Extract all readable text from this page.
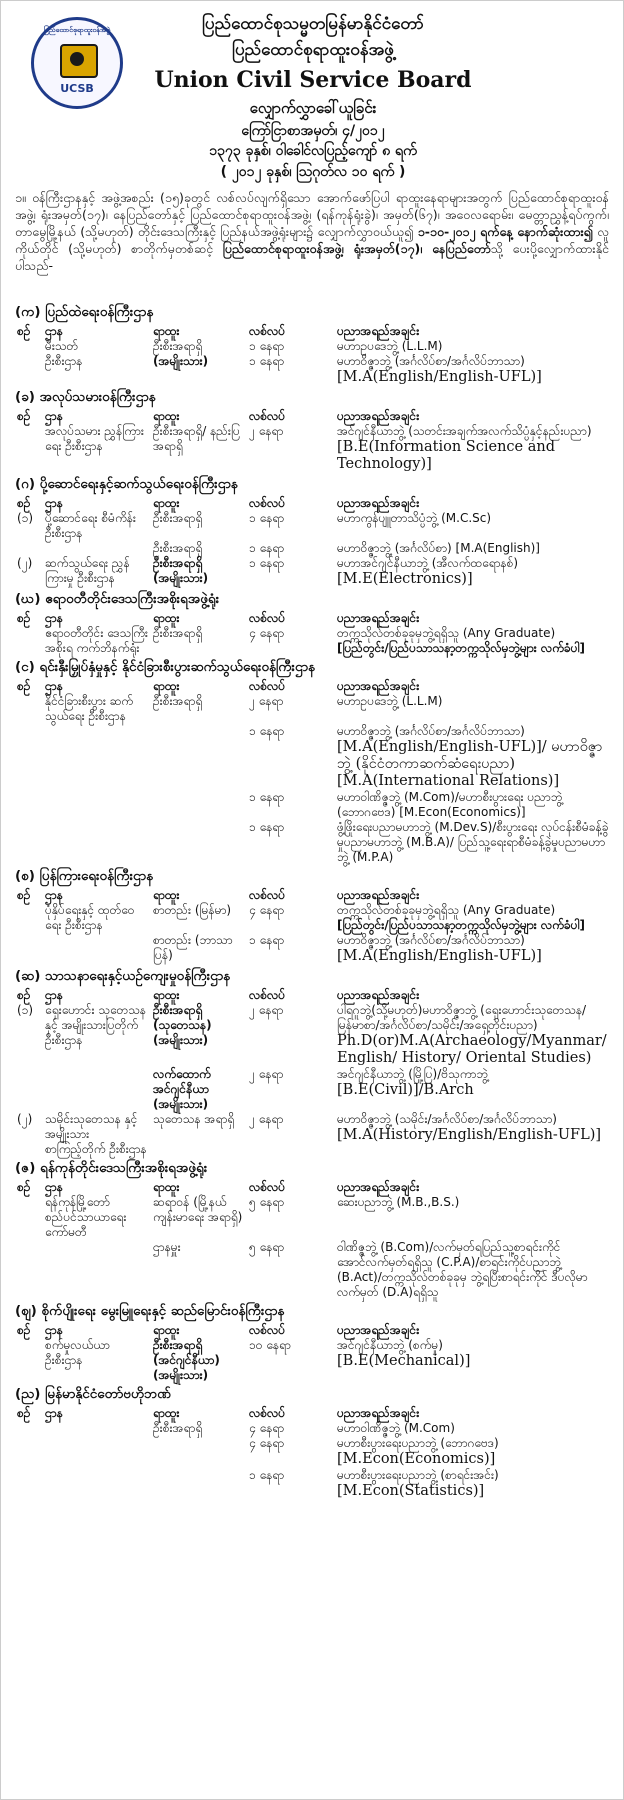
ပြည်ထောင်စုရာထူးဝန်အဖွဲ့
UCSB
ပြည်ထောင်စုသမ္မတမြန်မာနိုင်ငံတော်
ပြည်ထောင်စုရာထူးဝန်အဖွဲ့
Union Civil Service Board
လျှောက်လွှာခေါ်ယူခြင်း
ကြော်ငြာစာအမှတ်၊ ၄/၂၀၁၂
၁၃၇၃ ခုနှစ်၊ ဝါခေါင်လပြည့်ကျော် ၈ ရက်
( ၂၀၁၂ ခုနှစ်၊ ဩဂုတ်လ ၁၀ ရက် )
၁။ ဝန်ကြီးဌာနနှင့် အဖွဲ့အစည်း (၁၅)ခုတွင် လစ်လပ်လျက်ရှိသော အောက်ဖော်ပြပါ ရာထူးနေရာများအတွက် ပြည်ထောင်စုရာထူးဝန်အဖွဲ့၊ ရုံးအမှတ်(၁၇)၊ နေပြည်တော်နှင့် ပြည်ထောင်စုရာထူးဝန်အဖွဲ့၊ (ရန်ကုန်ရုံးခွဲ)၊ အမှတ်(၆၇)၊ အဝေလရောမ်း၊ မေတ္တာညွှန့်ရပ်ကွက်၊ တာမွေမြို့နယ် (သို့မဟုတ်) တိုင်းဒေသကြီးနှင့် ပြည်နယ်အဖွဲ့ရုံးများ၌ လျှောက်လွှာဝယ်ယူ၍ ၁-၁၀-၂၀၁၂ ရက်နေ့ နောက်ဆုံးထား၍ လူကိုယ်တိုင် (သို့မဟုတ်) စာတိုက်မှတစ်ဆင့် ပြည်ထောင်စုရာထူးဝန်အဖွဲ့၊ ရုံးအမှတ်(၁၇)၊ နေပြည်တော်သို့ ပေးပို့လျှောက်ထားနိုင်ပါသည်-
(က) ပြည်ထဲရေးဝန်ကြီးဌာန
စဉ်	ဌာန	ရာထူး	လစ်လပ်	ပညာအရည်အချင်း
	မီးသတ်	ဦးစီးအရာရှိ	၁ နေရာ	မဟာဥပဒေဘွဲ့ (L.L.M)

	ဦးစီးဌာန	(အမျိုးသား)	၁ နေရာ	မဟာဝိဇ္ဇာဘွဲ့ (အင်္ဂလိပ်စာ/အင်္ဂလိပ်ဘာသာ)
[M.A(English/English-UFL)]
(ခ) အလုပ်သမားဝန်ကြီးဌာန
စဉ်	ဌာန	ရာထူး	လစ်လပ်	ပညာအရည်အချင်း
	အလုပ်သမား ညွှန်ကြားရေး ဦးစီးဌာန	ဦးစီးအရာရှိ/ နည်းပြ အရာရှိ	၂ နေရာ	အင်ဂျင်နီယာဘွဲ့ (သတင်းအချက်အလက်သိပ္ပံနှင့်နည်းပညာ)
[B.E(Information Science and Technology)]
(ဂ) ပို့ဆောင်ရေးနှင့်ဆက်သွယ်ရေးဝန်ကြီးဌာန
စဉ်	ဌာန	ရာထူး	လစ်လပ်	ပညာအရည်အချင်း
(၁)	ပို့ဆောင်ရေး စီမံကိန်းဦးစီးဌာန	ဦးစီးအရာရှိ	၁ နေရာ	မဟာကွန်ပျူတာသိပ္ပံဘွဲ့ (M.C.Sc)

		ဦးစီးအရာရှိ	၁ နေရာ	မဟာဝိဇ္ဇာဘွဲ့ (အင်္ဂလိပ်စာ) [M.A(English)]

(၂)	ဆက်သွယ်ရေး ညွှန်ကြားမှု ဦးစီးဌာန	ဦးစီးအရာရှိ (အမျိုးသား)	၁ နေရာ	မဟာအင်ဂျင်နီယာဘွဲ့ (အီလက်ထရောနစ်)
[M.E(Electronics)]
(ဃ) ဧရာဝတီတိုင်းဒေသကြီးအစိုးရအဖွဲ့ရုံး
စဉ်	ဌာန	ရာထူး	လစ်လပ်	ပညာအရည်အချင်း
	ဧရာဝတီတိုင်း ဒေသကြီးအစိုးရ ကက်ဘိနက်ရုံး	ဦးစီးအရာရှိ	၄ နေရာ	တက္ကသိုလ်တစ်ခုခုမှဘွဲ့ရရှိသူ (Any Graduate)
[ပြည်တွင်း/ပြည်ပသာသနာ့တက္ကသိုလ်မှဘွဲ့များ လက်ခံပါ]
(င) ရင်းနှီးမြှုပ်နှံမှုနှင့် နိုင်ငံခြားစီးပွားဆက်သွယ်ရေးဝန်ကြီးဌာန
စဉ်	ဌာန	ရာထူး	လစ်လပ်	ပညာအရည်အချင်း
	နိုင်ငံခြားစီးပွား ဆက်သွယ်ရေး ဦးစီးဌာန	ဦးစီးအရာရှိ	၂ နေရာ	မဟာဥပဒေဘွဲ့ (L.L.M)

			၁ နေရာ	မဟာဝိဇ္ဇာဘွဲ့ (အင်္ဂလိပ်စာ/အင်္ဂလိပ်ဘာသာ)
[M.A(English/English-UFL)]/ မဟာဝိဇ္ဇာဘွဲ့ (နိုင်ငံတကာဆက်ဆံရေးပညာ) [M.A(International Relations)]

			၁ နေရာ	မဟာဝါဏိဇ္ဇဘွဲ့ (M.Com)/မဟာစီးပွားရေး ပညာဘွဲ့ (ဘောဂဗေဒ) [M.Econ(Economics)]

			၁ နေရာ	ဖွံ့ဖြိုးရေးပညာမဟာဘွဲ့ (M.Dev.S)/စီးပွားရေး လုပ်ငန်းစီမံခန့်ခွဲမှုပညာမဟာဘွဲ့ (M.B.A)/ ပြည်သူ့ရေးရာစီမံခန့်ခွဲမှုပညာမဟာဘွဲ့ (M.P.A)
(စ) ပြန်ကြားရေးဝန်ကြီးဌာန
စဉ်	ဌာန	ရာထူး	လစ်လပ်	ပညာအရည်အချင်း
	ပုံနှိပ်ရေးနှင့် ထုတ်ဝေရေး ဦးစီးဌာန	စာတည်း (မြန်မာ)	၄ နေရာ	တက္ကသိုလ်တစ်ခုခုမှဘွဲ့ရရှိသူ (Any Graduate)
[ပြည်တွင်း/ပြည်ပသာသနာ့တက္ကသိုလ်မှဘွဲ့များ လက်ခံပါ]

		စာတည်း (ဘာသာပြန်)	၁ နေရာ	မဟာဝိဇ္ဇာဘွဲ့ (အင်္ဂလိပ်စာ/အင်္ဂလိပ်ဘာသာ)
[M.A(English/English-UFL)]
(ဆ) သာသနာရေးနှင့်ယဉ်ကျေးမှုဝန်ကြီးဌာန
စဉ်	ဌာန	ရာထူး	လစ်လပ်	ပညာအရည်အချင်း
(၁)	ရှေးဟောင်း သုတေသနနှင့် အမျိုးသားပြတိုက် ဦးစီးဌာန	ဦးစီးအရာရှိ (သုတေသန) (အမျိုးသား)	၂ နေရာ	ပါရဂူဘွဲ့(သို့မဟုတ်)မဟာဝိဇ္ဇာဘွဲ့ (ရှေးဟောင်းသုတေသန/ မြန်မာစာ/အင်္ဂလိပ်စာ/သမိုင်း/အရှေ့တိုင်းပညာ)
Ph.D(or)M.A(Archaeology/Myanmar/ English/ History/ Oriental Studies)

		လက်ထောက် အင်ဂျင်နီယာ (အမျိုးသား)	၂ နေရာ	အင်ဂျင်နီယာဘွဲ့ (မြို့ပြ)/ဗိသုကာဘွဲ့
[B.E(Civil)]/B.Arch

(၂)	သမိုင်းသုတေသန နှင့်အမျိုးသား စာကြည့်တိုက် ဦးစီးဌာန	သုတေသန အရာရှိ	၂ နေရာ	မဟာဝိဇ္ဇာဘွဲ့ (သမိုင်း/အင်္ဂလိပ်စာ/အင်္ဂလိပ်ဘာသာ)
[M.A(History/English/English-UFL)]
(ဇ) ရန်ကုန်တိုင်းဒေသကြီးအစိုးရအဖွဲ့ရုံး
စဉ်	ဌာန	ရာထူး	လစ်လပ်	ပညာအရည်အချင်း
	ရန်ကုန်မြို့တော် စည်ပင်သာယာရေး ကော်မတီ	ဆရာဝန် (မြို့နယ် ကျန်းမာရေး အရာရှိ)	၅ နေရာ	ဆေးပညာဘွဲ့ (M.B.,B.S.)

		ဌာနမှူး	၅ နေရာ	ဝါဏိဇ္ဇဘွဲ့ (B.Com)/လက်မှတ်ရပြည်သူ့စာရင်းကိုင် အောင်လက်မှတ်ရရှိသူ (C.P.A)/စာရင်းကိုင်ပညာဘွဲ့ (B.Act)/တက္ကသိုလ်တစ်ခုခုမှ ဘွဲ့ရပြီးစာရင်းကိုင် ဒီပလိုမာလက်မှတ် (D.A)ရရှိသူ
(ဈ) စိုက်ပျိုးရေး မွေးမြူရေးနှင့် ဆည်မြောင်းဝန်ကြီးဌာန
စဉ်	ဌာန	ရာထူး	လစ်လပ်	ပညာအရည်အချင်း
	စက်မှုလယ်ယာ ဦးစီးဌာန	ဦးစီးအရာရှိ (အင်ဂျင်နီယာ) (အမျိုးသား)	၁၀ နေရာ	အင်ဂျင်နီယာဘွဲ့ (စက်မှု)
[B.E(Mechanical)]
(ည) မြန်မာနိုင်ငံတော်ဗဟိုဘဏ်
စဉ်	ဌာန	ရာထူး	လစ်လပ်	ပညာအရည်အချင်း
		ဦးစီးအရာရှိ	၄ နေရာ	မဟာဝါဏိဇ္ဇဘွဲ့ (M.Com)

			၄ နေရာ	မဟာစီးပွားရေးပညာဘွဲ့ (ဘောဂဗေဒ)
[M.Econ(Economics)]

			၁ နေရာ	မဟာစီးပွားရေးပညာဘွဲ့ (စာရင်းအင်း)
[M.Econ(Statistics)]
